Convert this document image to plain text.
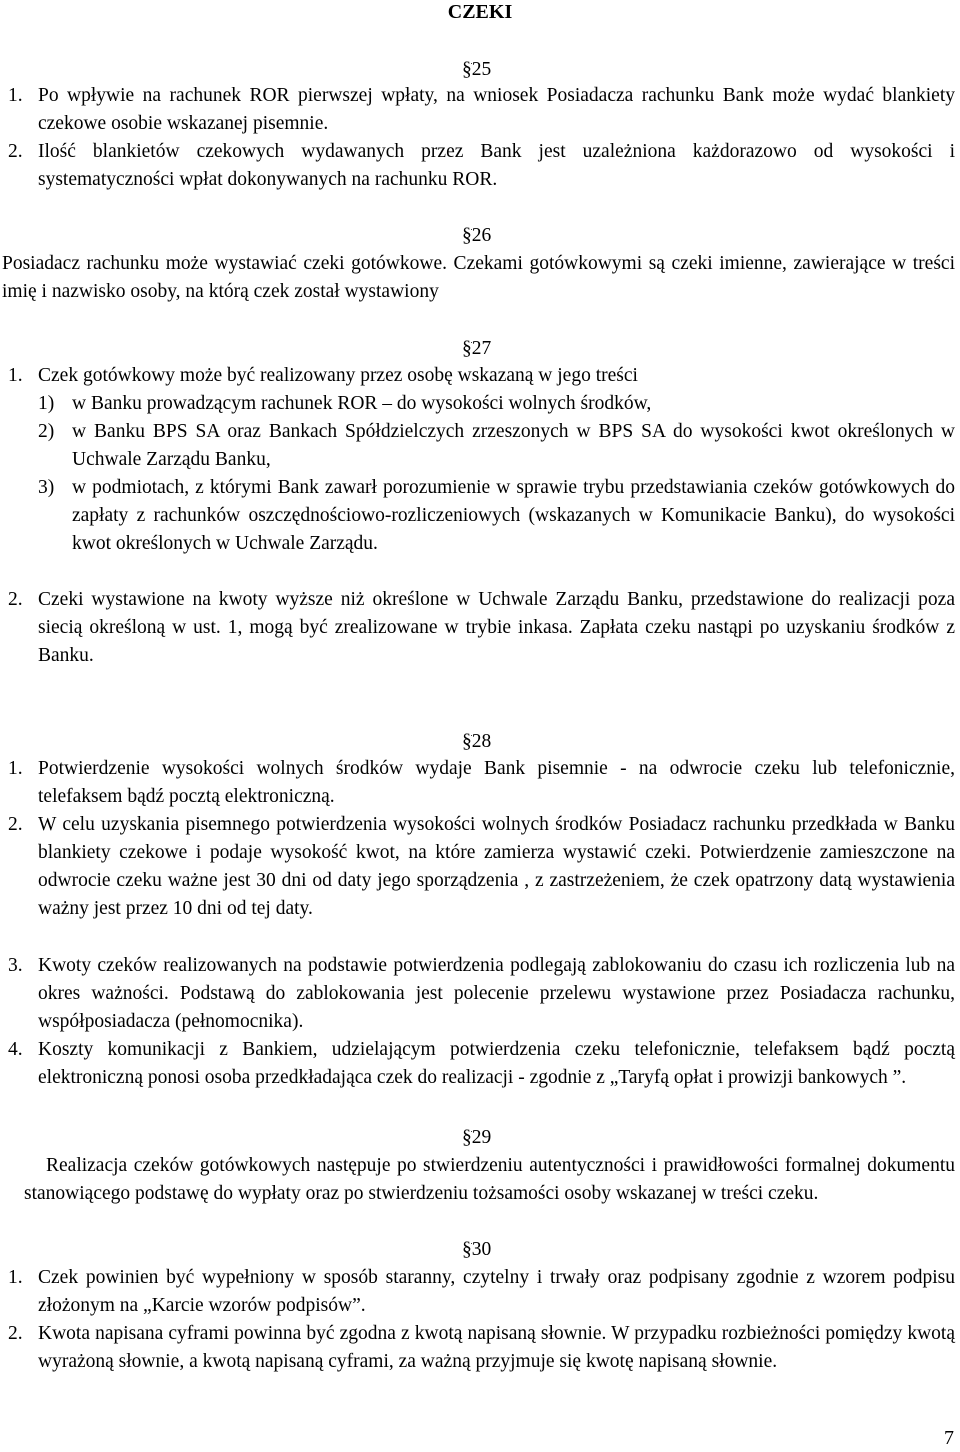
CZEKI
§25
1. Po wpływie na rachunek ROR pierwszej wpłaty, na wniosek Posiadacza rachunku Bank może wydać blankiety czekowe osobie wskazanej pisemnie.
2. Ilość blankietów czekowych wydawanych przez Bank jest uzależniona każdorazowo od wysokości i systematyczności wpłat dokonywanych na rachunku ROR.
§26
Posiadacz rachunku może wystawiać czeki gotówkowe. Czekami gotówkowymi są czeki imienne, zawierające w treści imię i nazwisko osoby, na którą czek został wystawiony
§27
1. Czek gotówkowy może być realizowany przez osobę wskazaną w jego treści
1) w Banku prowadzącym rachunek ROR – do wysokości wolnych środków,
2) w Banku BPS SA oraz Bankach Spółdzielczych zrzeszonych w BPS SA do wysokości kwot określonych w Uchwale Zarządu Banku,
3) w podmiotach, z którymi Bank zawarł porozumienie w sprawie trybu przedstawiania czeków gotówkowych do zapłaty z rachunków oszczędnościowo-rozliczeniowych (wskazanych w Komunikacie Banku), do wysokości kwot określonych w Uchwale Zarządu.
2. Czeki wystawione na kwoty wyższe niż określone w Uchwale Zarządu Banku, przedstawione do realizacji poza siecią określoną w ust. 1, mogą być zrealizowane w trybie inkasa. Zapłata czeku nastąpi po uzyskaniu środków z Banku.
§28
1. Potwierdzenie wysokości wolnych środków wydaje Bank pisemnie - na odwrocie czeku lub telefonicznie, telefaksem bądź pocztą elektroniczną.
2. W celu uzyskania pisemnego potwierdzenia wysokości wolnych środków Posiadacz rachunku przedkłada w Banku blankiety czekowe i podaje wysokość kwot, na które zamierza wystawić czeki. Potwierdzenie zamieszczone na odwrocie czeku ważne jest 30 dni od daty jego sporządzenia , z zastrzeżeniem, że czek opatrzony datą wystawienia ważny jest przez 10 dni od tej daty.
3. Kwoty czeków realizowanych na podstawie potwierdzenia podlegają zablokowaniu do czasu ich rozliczenia lub na okres ważności. Podstawą do zablokowania jest polecenie przelewu wystawione przez Posiadacza rachunku, współposiadacza (pełnomocnika).
4. Koszty komunikacji z Bankiem, udzielającym potwierdzenia czeku telefonicznie, telefaksem bądź pocztą elektroniczną ponosi osoba przedkładająca czek do realizacji - zgodnie z „Taryfą opłat i prowizji bankowych ”.
§29
Realizacja czeków gotówkowych następuje po stwierdzeniu autentyczności i prawidłowości formalnej dokumentu stanowiącego podstawę do wypłaty oraz po stwierdzeniu tożsamości osoby wskazanej w treści czeku.
§30
1. Czek powinien być wypełniony w sposób staranny, czytelny i trwały oraz podpisany zgodnie z wzorem podpisu złożonym na „Karcie wzorów podpisów”.
2. Kwota napisana cyframi powinna być zgodna z kwotą napisaną słownie. W przypadku rozbieżności pomiędzy kwotą wyrażoną słownie, a kwotą napisaną cyframi, za ważną przyjmuje się kwotę napisaną słownie.
7
